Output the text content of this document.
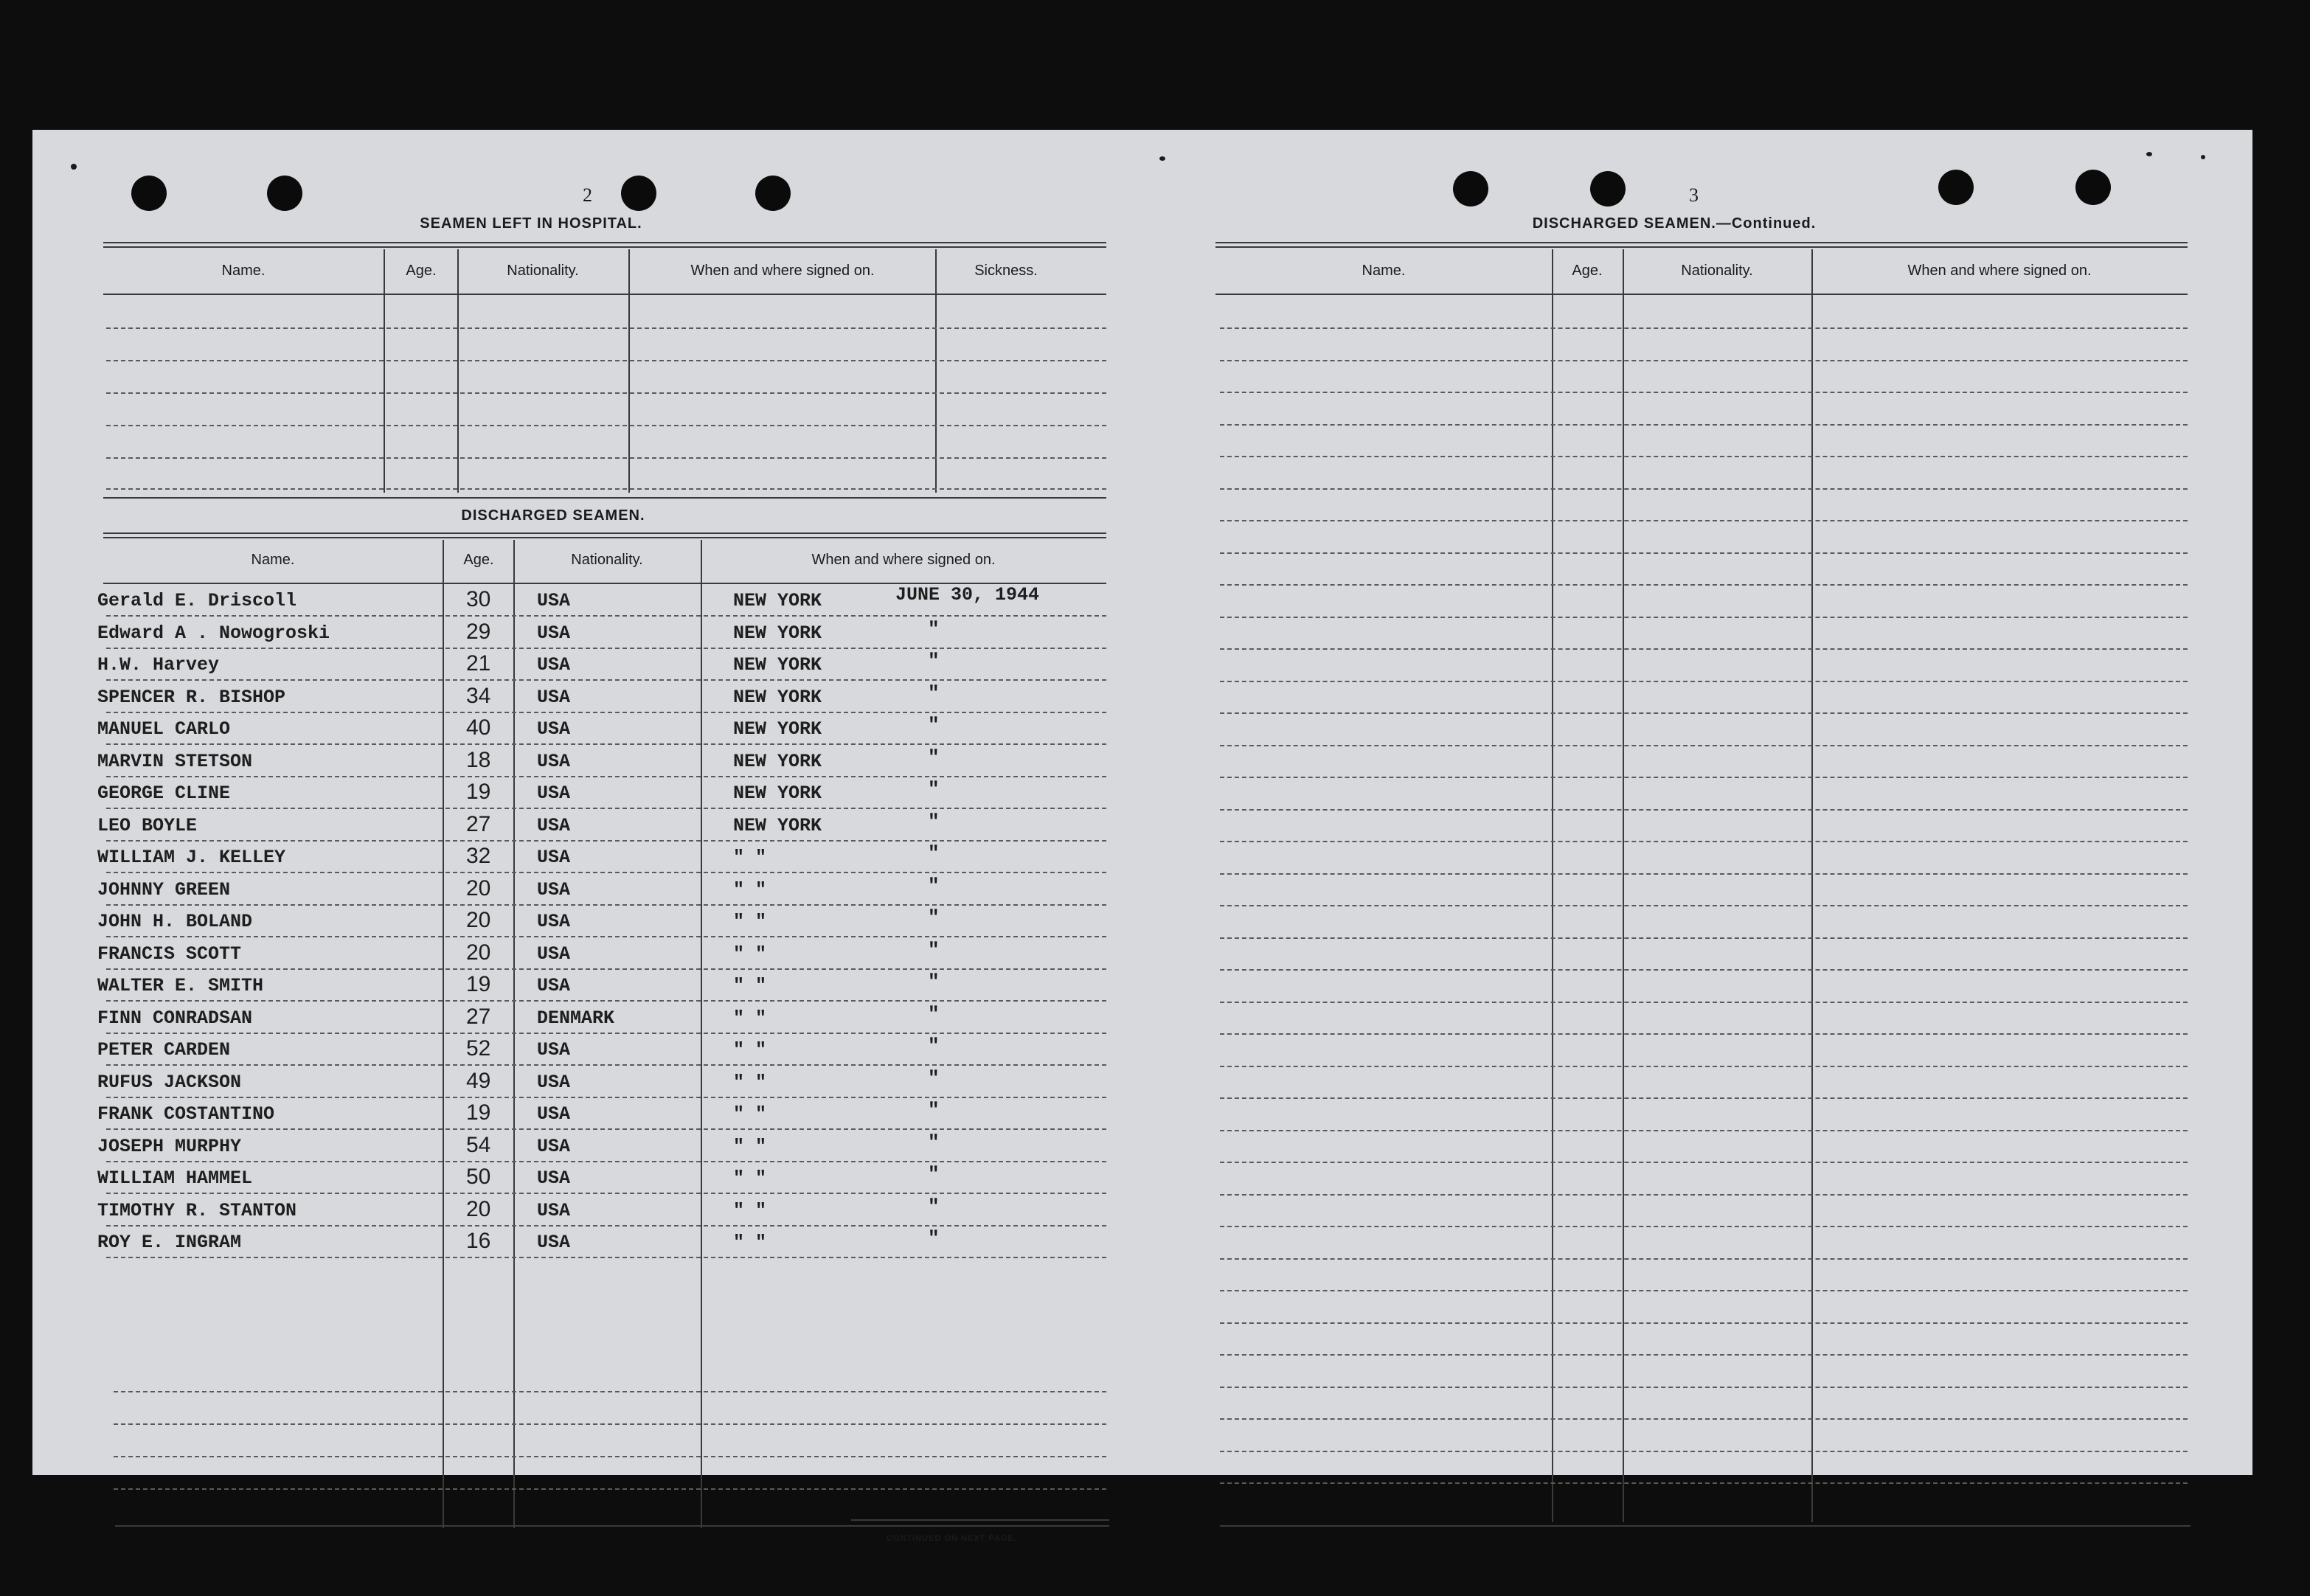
2
SEAMEN LEFT IN HOSPITAL.
Name.	Age.	Nationality.	When and where signed on.	Sickness.
DISCHARGED SEAMEN.
Name.	Age.	Nationality.	When and where signed on.
Gerald E. Driscoll	30	USA	NEW YORK	JUNE 30, 1944
Edward A . Nowogroski	29	USA	NEW YORK	"
H.W. Harvey	21	USA	NEW YORK	"
SPENCER R. BISHOP	34	USA	NEW YORK	"
MANUEL CARLO	40	USA	NEW YORK	"
MARVIN STETSON	18	USA	NEW YORK	"
GEORGE CLINE	19	USA	NEW YORK	"
LEO BOYLE	27	USA	NEW YORK	"
WILLIAM J. KELLEY	32	USA	" "	"
JOHNNY GREEN	20	USA	" "	"
JOHN H. BOLAND	20	USA	" "	"
FRANCIS SCOTT	20	USA	" "	"
WALTER E. SMITH	19	USA	" "	"
FINN CONRADSAN	27	DENMARK	" "	"
PETER CARDEN	52	USA	" "	"
RUFUS JACKSON	49	USA	" "	"
FRANK COSTANTINO	19	USA	" "	"
JOSEPH MURPHY	54	USA	" "	"
WILLIAM HAMMEL	50	USA	" "	"
TIMOTHY R. STANTON	20	USA	" "	"
ROY E. INGRAM	16	USA	" "	"
CONTINUED ON NEXT PAGE.
3
DISCHARGED SEAMEN.—Continued.
Name.	Age.	Nationality.	When and where signed on.
